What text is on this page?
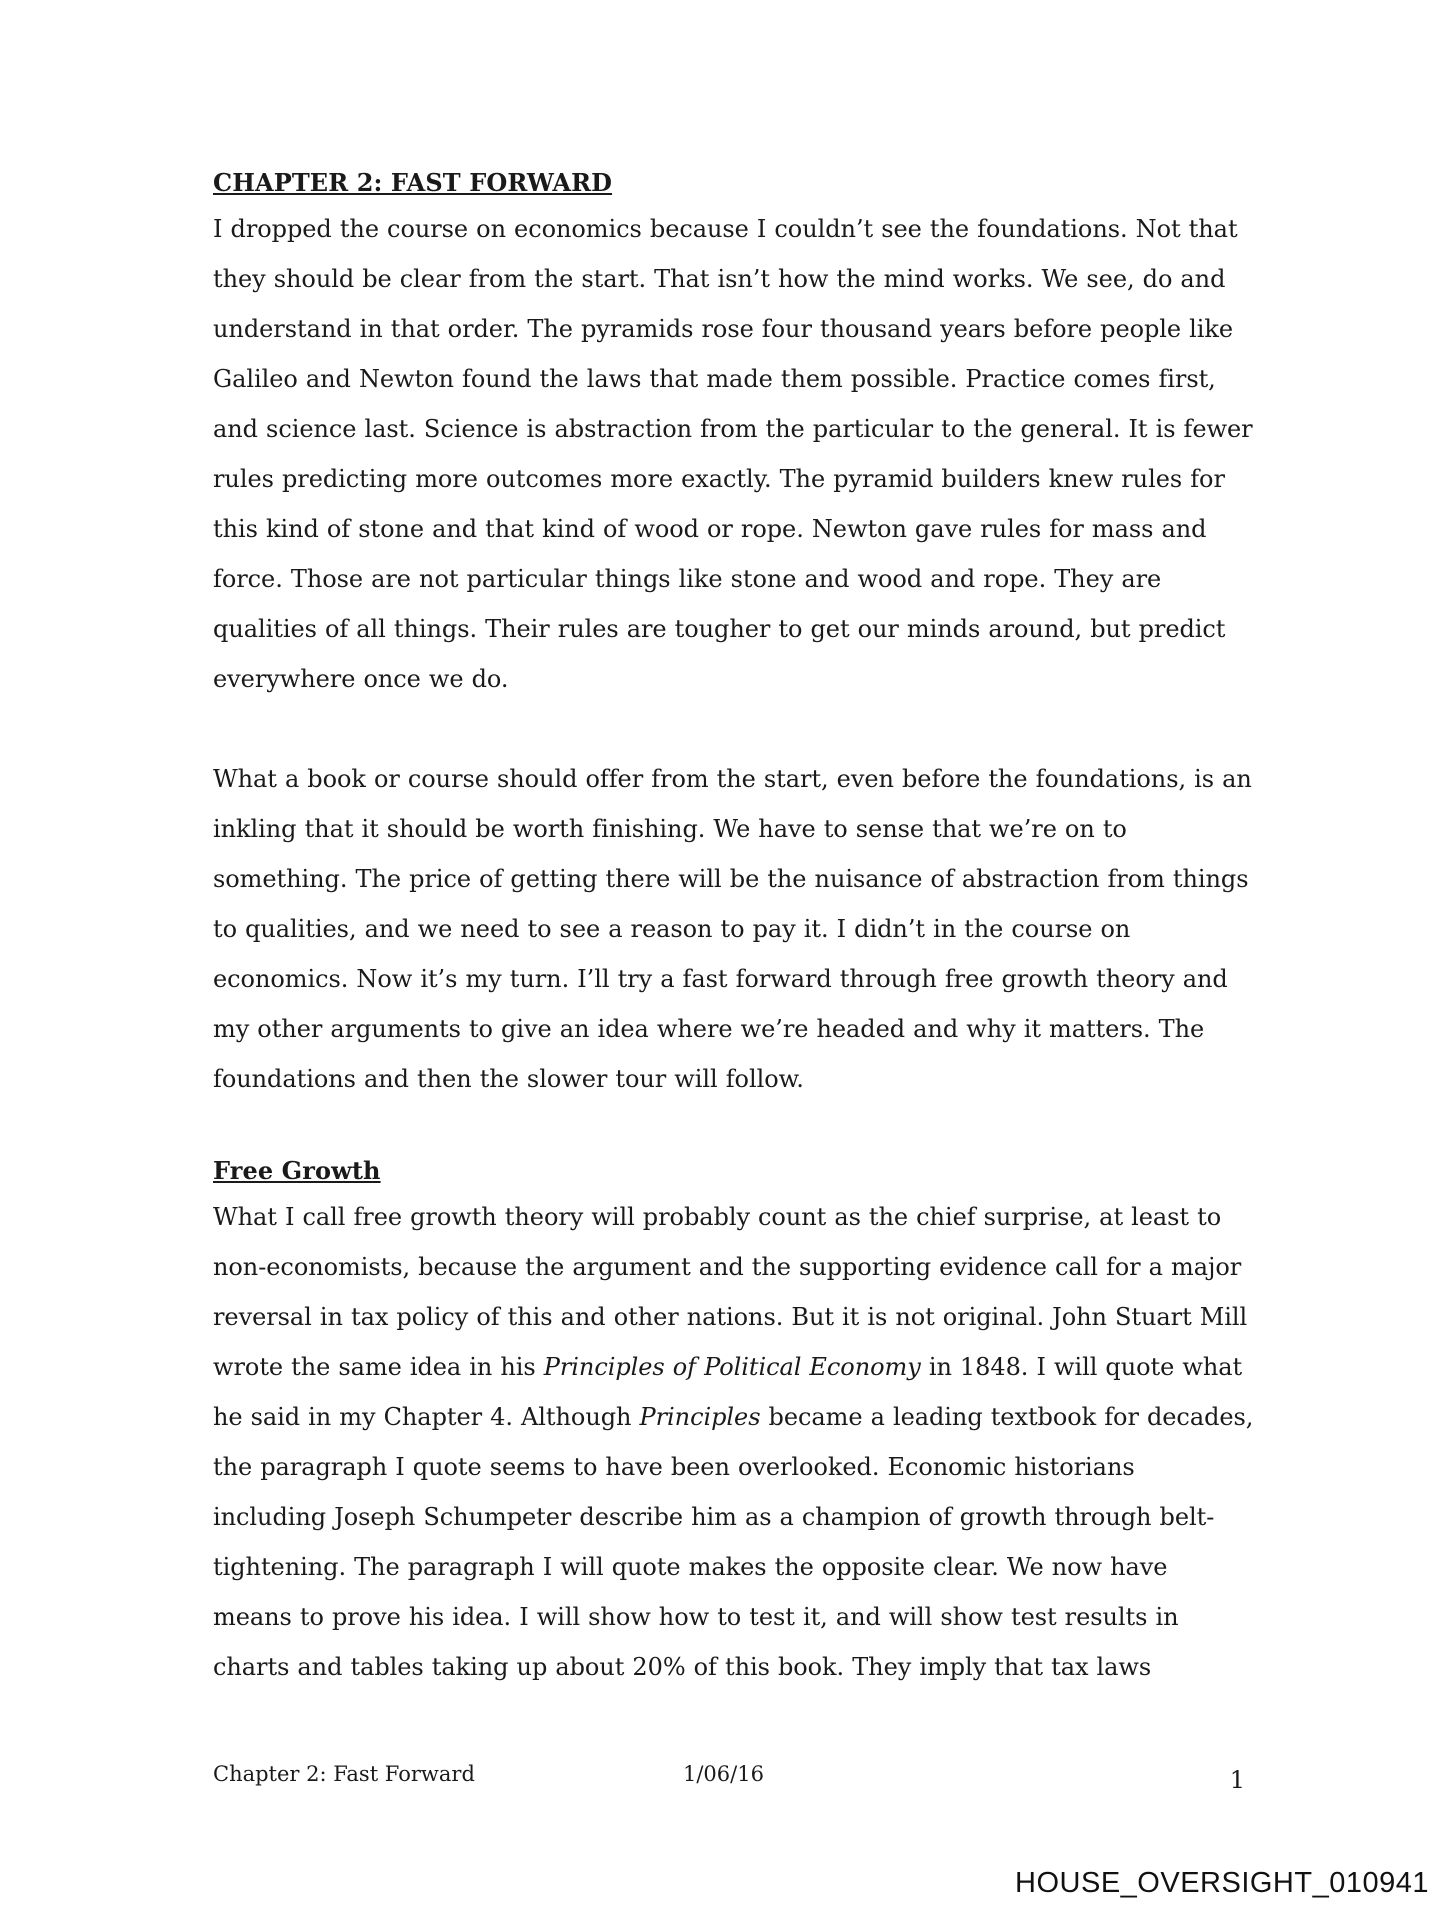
CHAPTER 2: FAST FORWARD

I dropped the course on economics because I couldn’t see the foundations. Not that
they should be clear from the start. That isn’t how the mind works. We see, do and
understand in that order. The pyramids rose four thousand years before people like
Galileo and Newton found the laws that made them possible. Practice comes first,
and science last. Science is abstraction from the particular to the general. It is fewer
rules predicting more outcomes more exactly. The pyramid builders knew rules for
this kind of stone and that kind of wood or rope. Newton gave rules for mass and
force. Those are not particular things like stone and wood and rope. They are
qualities of all things. Their rules are tougher to get our minds around, but predict
everywhere once we do.

What a book or course should offer from the start, even before the foundations, is an
inkling that it should be worth finishing. We have to sense that we’re on to
something. The price of getting there will be the nuisance of abstraction from things
to qualities, and we need to see a reason to pay it. I didn’t in the course on
economics. Now it’s my turn. I’ll try a fast forward through free growth theory and
my other arguments to give an idea where we’re headed and why it matters. The
foundations and then the slower tour will follow.

Free Growth

What I call free growth theory will probably count as the chief surprise, at least to
non-economists, because the argument and the supporting evidence call for a major
reversal in tax policy of this and other nations. But it is not original. John Stuart Mill
wrote the same idea in his Principles of Political Economy in 1848. I will quote what
he said in my Chapter 4. Although Principles became a leading textbook for decades,
the paragraph I quote seems to have been overlooked. Economic historians
including Joseph Schumpeter describe him as a champion of growth through belt-
tightening. The paragraph I will quote makes the opposite clear. We now have
means to prove his idea. I will show how to test it, and will show test results in
charts and tables taking up about 20% of this book. They imply that tax laws

Chapter 2: Fast Forward	1/06/16	1
HOUSE_OVERSIGHT_010941
